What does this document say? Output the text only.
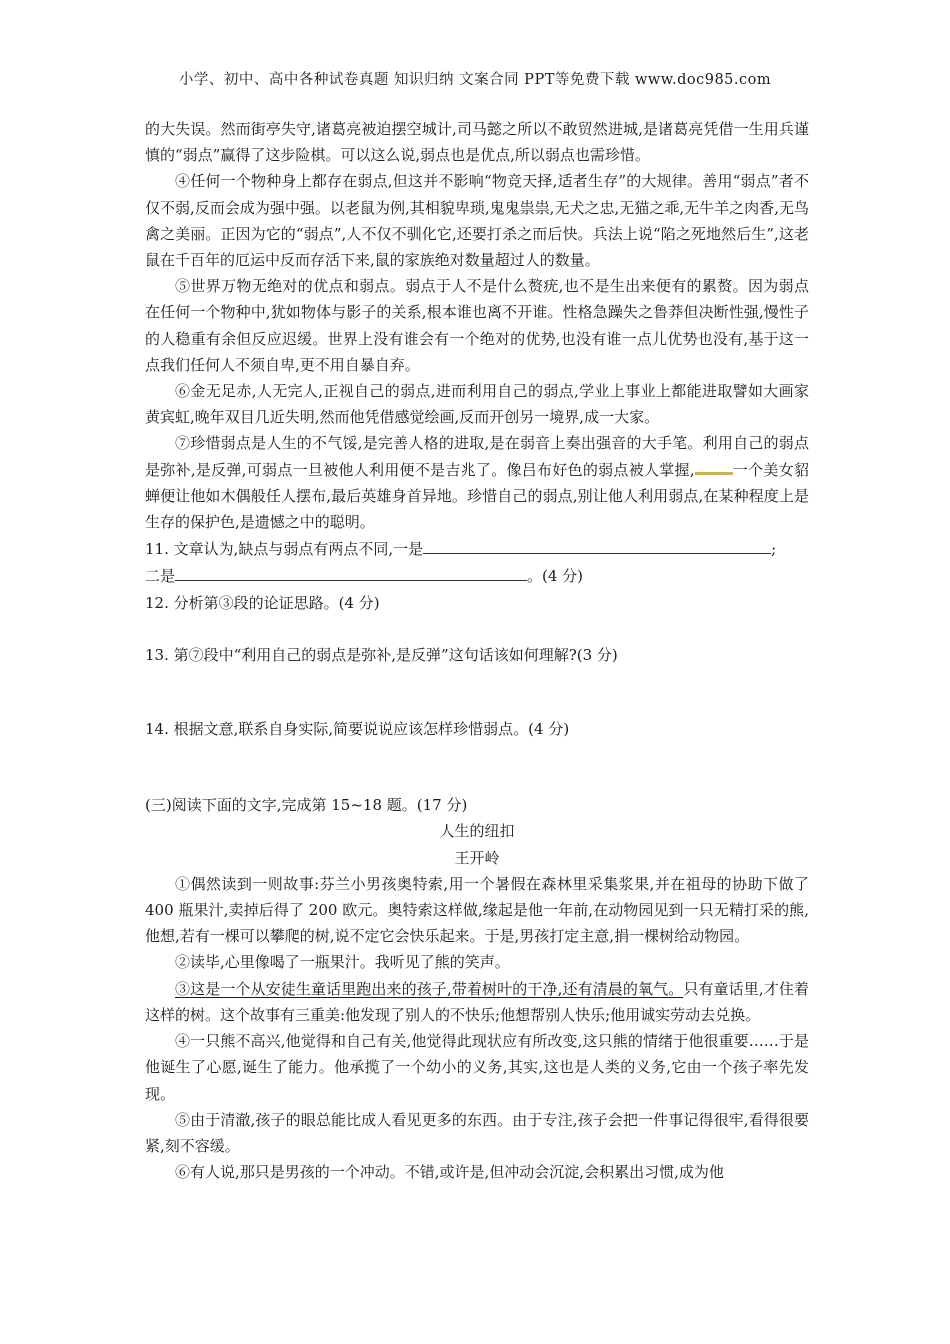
小学、初中、高中各种试卷真题 知识归纳 文案合同 PPT等免费下载 www.doc985.com

的大失误。然而街亭失守,诸葛亮被迫摆空城计,司马懿之所以不敢贸然进城,是诸葛亮凭借一生用兵谨慎的“弱点”赢得了这步险棋。可以这么说,弱点也是优点,所以弱点也需珍惜。

④任何一个物种身上都存在弱点,但这并不影响“物竞天择,适者生存”的大规律。善用“弱点”者不仅不弱,反而会成为强中强。以老鼠为例,其相貌卑琐,鬼鬼祟祟,无犬之忠,无猫之乖,无牛羊之肉香,无鸟禽之美丽。正因为它的“弱点”,人不仅不驯化它,还要打杀之而后快。兵法上说“陷之死地然后生”,这老鼠在千百年的厄运中反而存活下来,鼠的家族绝对数量超过人的数量。

⑤世界万物无绝对的优点和弱点。弱点于人不是什么赘疣,也不是生出来便有的累赘。因为弱点在任何一个物种中,犹如物体与影子的关系,根本谁也离不开谁。性格急躁失之鲁莽但决断性强,慢性子的人稳重有余但反应迟缓。世界上没有谁会有一个绝对的优势,也没有谁一点儿优势也没有,基于这一点我们任何人不须自卑,更不用自暴自弃。

⑥金无足赤,人无完人,正视自己的弱点,进而利用自己的弱点,学业上事业上都能进取譬如大画家黄宾虹,晚年双目几近失明,然而他凭借感觉绘画,反而开创另一境界,成一大家。

⑦珍惜弱点是人生的不气馁,是完善人格的进取,是在弱音上奏出强音的大手笔。利用自己的弱点是弥补,是反弹,可弱点一旦被他人利用便不是吉兆了。像吕布好色的弱点被人掌握,	一个美女貂蝉便让他如木偶般任人摆布,最后英雄身首异地。珍惜自己的弱点,别让他人利用弱点,在某种程度上是生存的保护色,是遗憾之中的聪明。

11. 文章认为,缺点与弱点有两点不同,一是	;

二是	。(4 分)

12. 分析第③段的论证思路。(4 分)

13. 第⑦段中“利用自己的弱点是弥补,是反弹”这句话该如何理解?(3 分)

14. 根据文意,联系自身实际,简要说说应该怎样珍惜弱点。(4 分)

(三)阅读下面的文字,完成第 15~18 题。(17 分)

人生的纽扣

王开岭

①偶然读到一则故事:芬兰小男孩奥特索,用一个暑假在森林里采集浆果,并在祖母的协助下做了 400 瓶果汁,卖掉后得了 200 欧元。奥特索这样做,缘起是他一年前,在动物园见到一只无精打采的熊,他想,若有一棵可以攀爬的树,说不定它会快乐起来。于是,男孩打定主意,捐一棵树给动物园。

②读毕,心里像喝了一瓶果汁。我听见了熊的笑声。

③这是一个从安徒生童话里跑出来的孩子,带着树叶的干净,还有清晨的氧气。只有童话里,才住着这样的树。这个故事有三重美:他发现了别人的不快乐;他想帮别人快乐;他用诚实劳动去兑换。

④一只熊不高兴,他觉得和自己有关,他觉得此现状应有所改变,这只熊的情绪于他很重要……于是他诞生了心愿,诞生了能力。他承揽了一个幼小的义务,其实,这也是人类的义务,它由一个孩子率先发现。

⑤由于清澈,孩子的眼总能比成人看见更多的东西。由于专注,孩子会把一件事记得很牢,看得很要紧,刻不容缓。

⑥有人说,那只是男孩的一个冲动。不错,或许是,但冲动会沉淀,会积累出习惯,成为他
